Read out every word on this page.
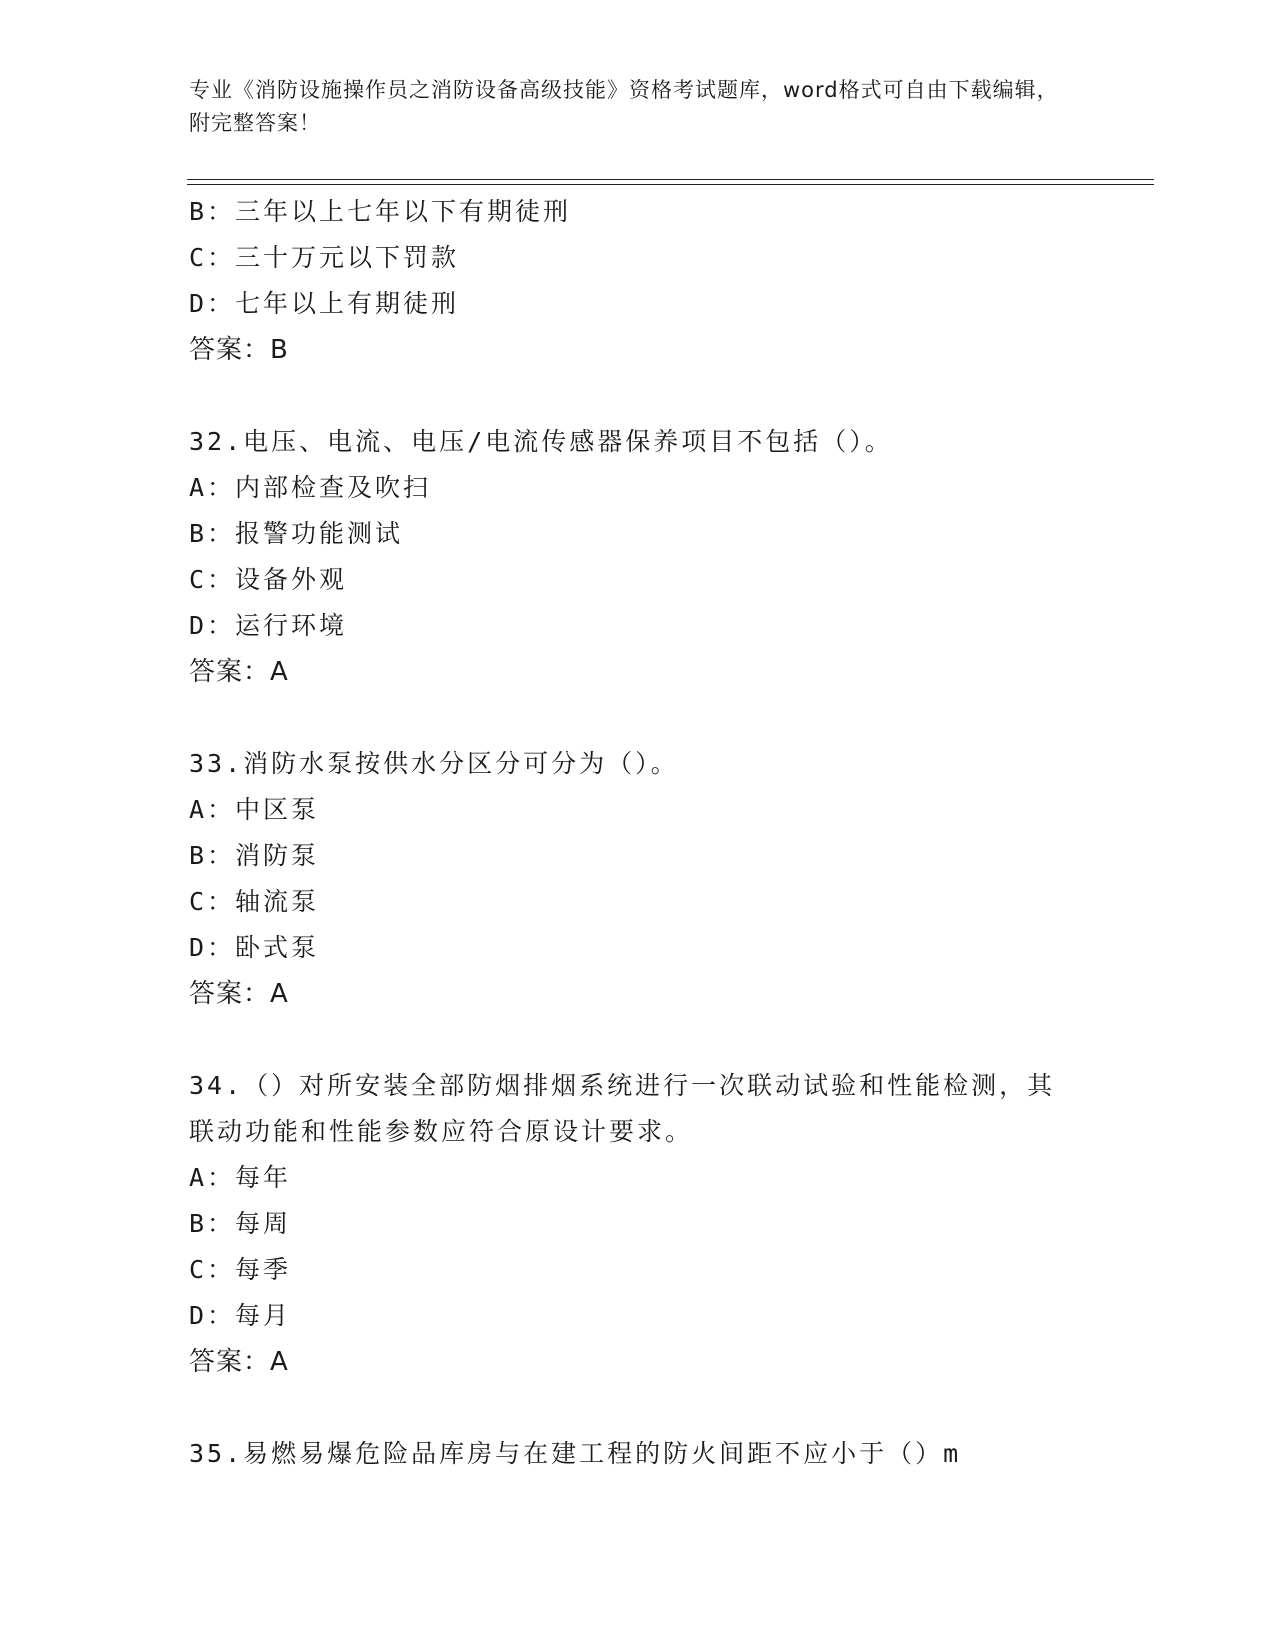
专业《消防设施操作员之消防设备高级技能》资格考试题库，word格式可自由下载编辑，附完整答案！
B：三年以上七年以下有期徒刑
C：三十万元以下罚款
D：七年以上有期徒刑
答案：B
32.电压、电流、电压/电流传感器保养项目不包括（）。
A：内部检查及吹扫
B：报警功能测试
C：设备外观
D：运行环境
答案：A
33.消防水泵按供水分区分可分为（）。
A：中区泵
B：消防泵
C：轴流泵
D：卧式泵
答案：A
34.（）对所安装全部防烟排烟系统进行一次联动试验和性能检测，其
联动功能和性能参数应符合原设计要求。
A：每年
B：每周
C：每季
D：每月
答案：A
35.易燃易爆危险品库房与在建工程的防火间距不应小于（）m
